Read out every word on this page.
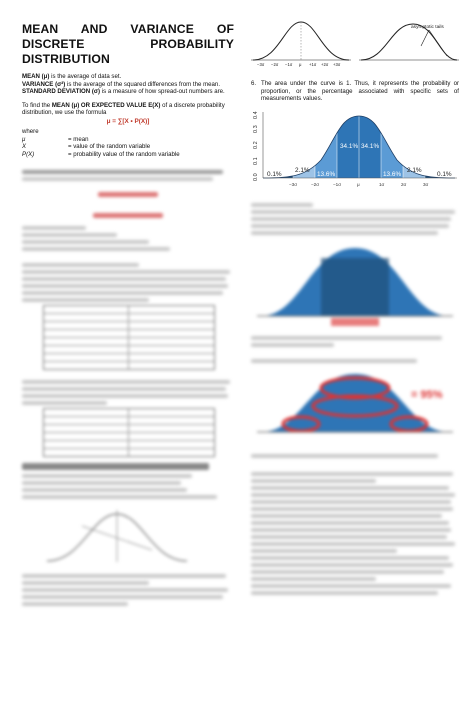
MEAN AND VARIANCE OF DISCRETE PROBABILITY DISTRIBUTION

MEAN (μ) is the average of data set.

VARIANCE (σ²) is the average of the squared differences from the mean.

STANDARD DEVIATION (σ) is a measure of how spread-out numbers are.

To find the MEAN (μ) OR EXPECTED VALUE E(X) of a discrete probability distribution, we use the formula

μ = ∑[X • P(X)]

where

μ	= mean
X	= value of the random variable
P(X)	= probability value of the random variable
asymptotic tails
−3σ −2σ −1σ μ +1σ +2σ +3σ

6. The area under the curve is 1. Thus, it represents the probability or proportion, or the percentage associated with specific sets of measurements values.

0.0
0.1
0.2
0.3
0.4
0.1%
2.1%
13.6%
34.1% 34.1%
13.6%
2.1%
0.1%
−3σ	−2σ	−1σ	μ	1σ	2σ	3σ
= 95%
